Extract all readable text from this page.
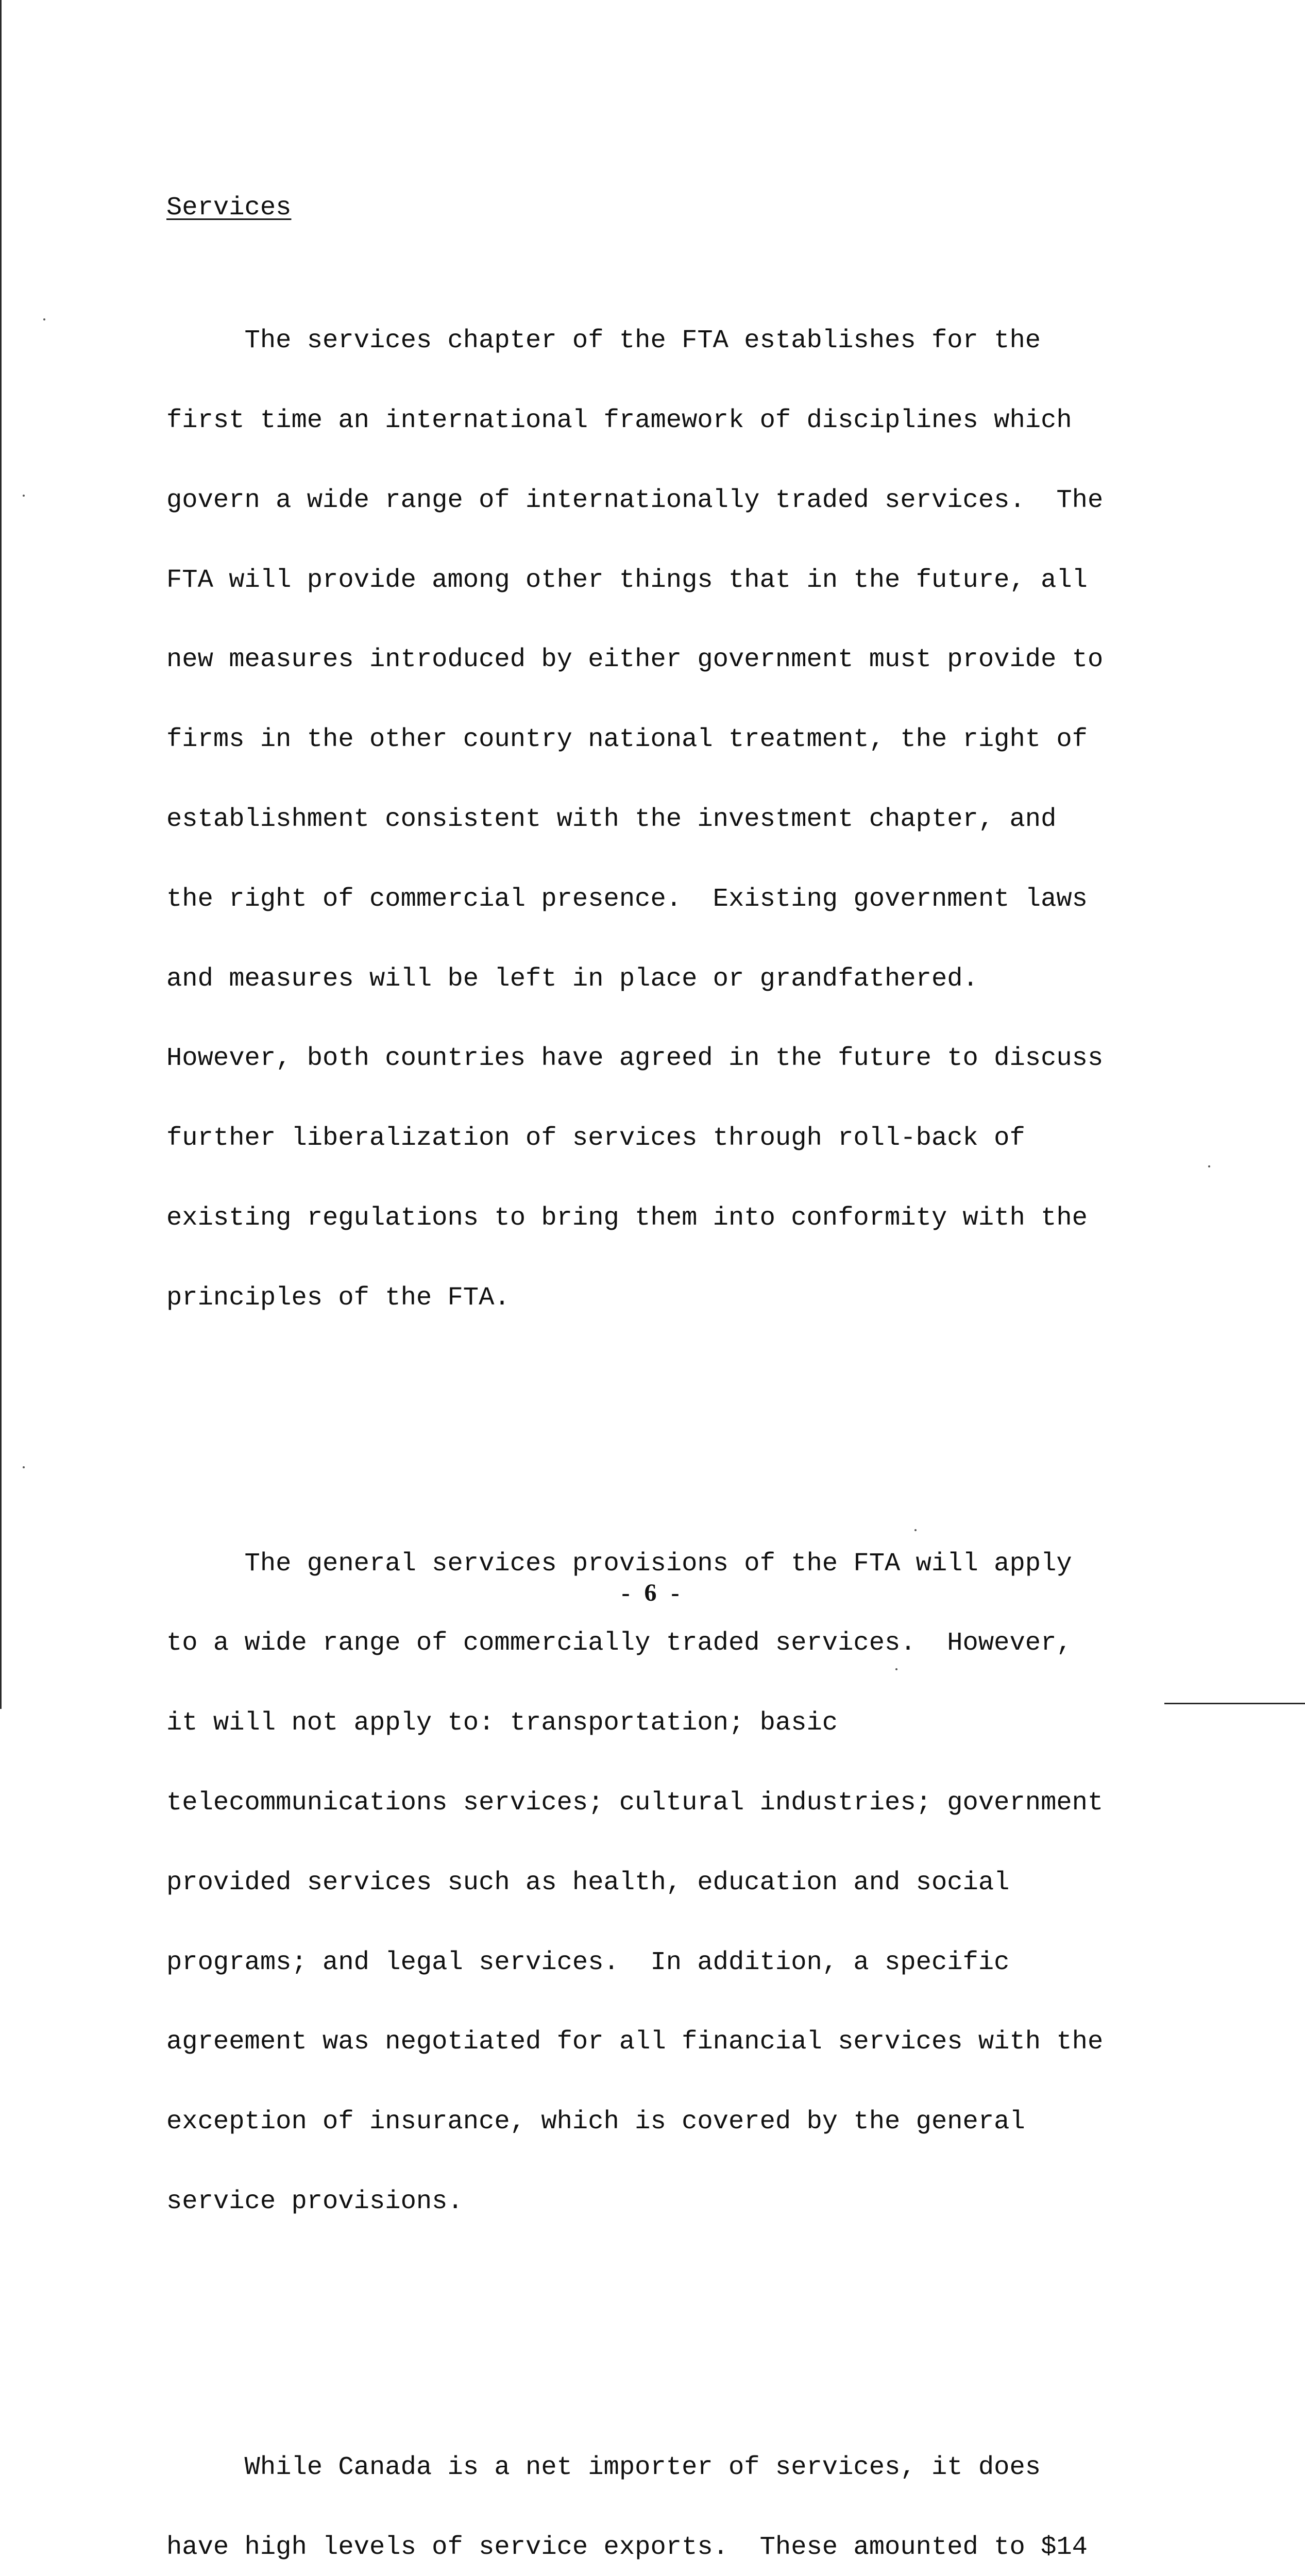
Services

The services chapter of the FTA establishes for the

first time an international framework of disciplines which

govern a wide range of internationally traded services.  The

FTA will provide among other things that in the future, all

new measures introduced by either government must provide to

firms in the other country national treatment, the right of

establishment consistent with the investment chapter, and

the right of commercial presence.  Existing government laws

and measures will be left in place or grandfathered.

However, both countries have agreed in the future to discuss

further liberalization of services through roll-back of

existing regulations to bring them into conformity with the

principles of the FTA.

The general services provisions of the FTA will apply

to a wide range of commercially traded services.  However,

it will not apply to: transportation; basic

telecommunications services; cultural industries; government

provided services such as health, education and social

programs; and legal services.  In addition, a specific

agreement was negotiated for all financial services with the

exception of insurance, which is covered by the general

service provisions.

While Canada is a net importer of services, it does

have high levels of service exports.  These amounted to $14

- 6 -
